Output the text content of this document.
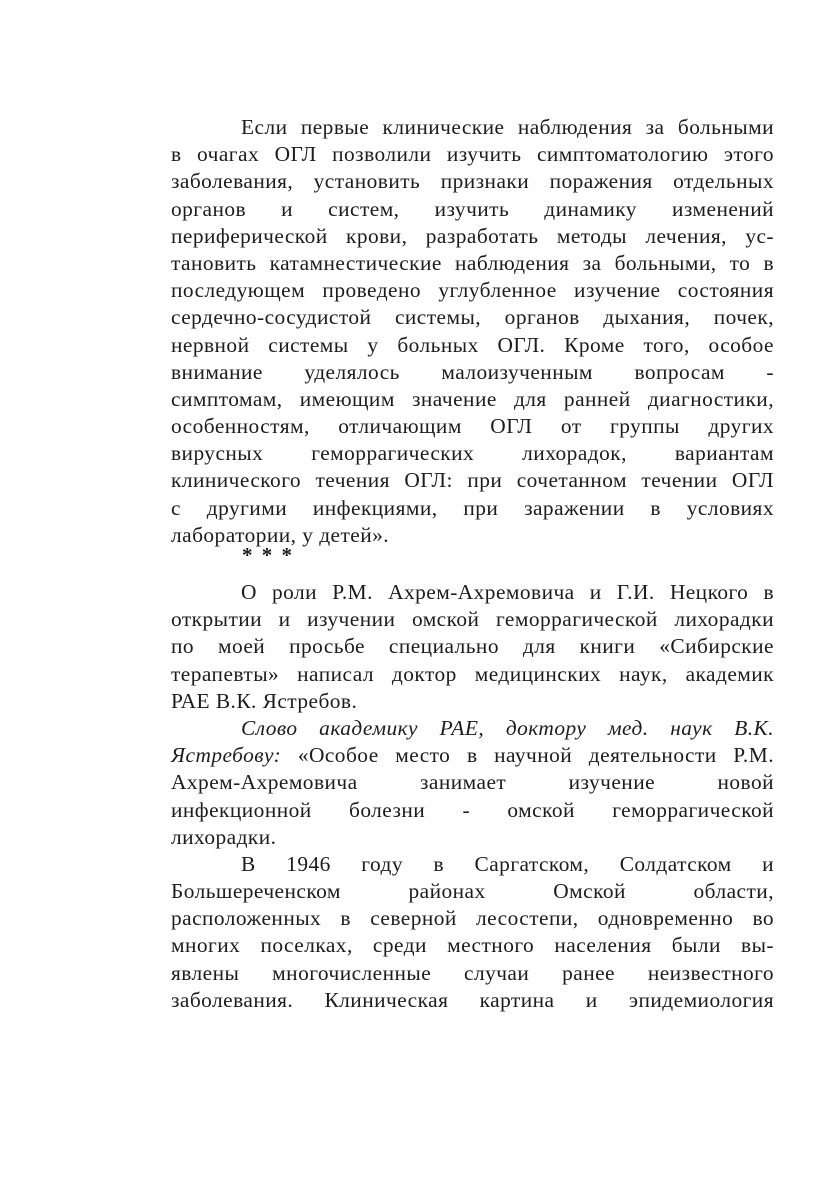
Если первые клинические наблюдения за больными
в очагах ОГЛ позволили изучить симптоматологию этого
заболевания, установить признаки поражения отдельных
органов и систем, изучить динамику изменений
периферической крови, разработать методы лечения, ус-
тановить катамнестические наблюдения за больными, то в
последующем проведено углубленное изучение состояния
сердечно-сосудистой системы, органов дыхания, почек,
нервной системы у больных ОГЛ. Кроме того, особое
внимание уделялось малоизученным вопросам -
симптомам, имеющим значение для ранней диагностики,
особенностям, отличающим ОГЛ от группы других
вирусных геморрагических лихорадок, вариантам
клинического течения ОГЛ: при сочетанном течении ОГЛ
с другими инфекциями, при заражении в условиях
лаборатории, у детей».
* * *
О роли Р.М. Ахрем-Ахремовича и Г.И. Нецкого в
открытии и изучении омской геморрагической лихорадки
по моей просьбе специально для книги «Сибирские
терапевты» написал доктор медицинских наук, академик
РАЕ В.К. Ястребов.
Слово академику РАЕ, доктору мед. наук В.К.
Ястребову: «Особое место в научной деятельности Р.М.
Ахрем-Ахремовича занимает изучение новой
инфекционной болезни - омской геморрагической
лихорадки.
В 1946 году в Саргатском, Солдатском и
Большереченском районах Омской области,
расположенных в северной лесостепи, одновременно во
многих поселках, среди местного населения были вы-
явлены многочисленные случаи ранее неизвестного
заболевания. Клиническая картина и эпидемиология
